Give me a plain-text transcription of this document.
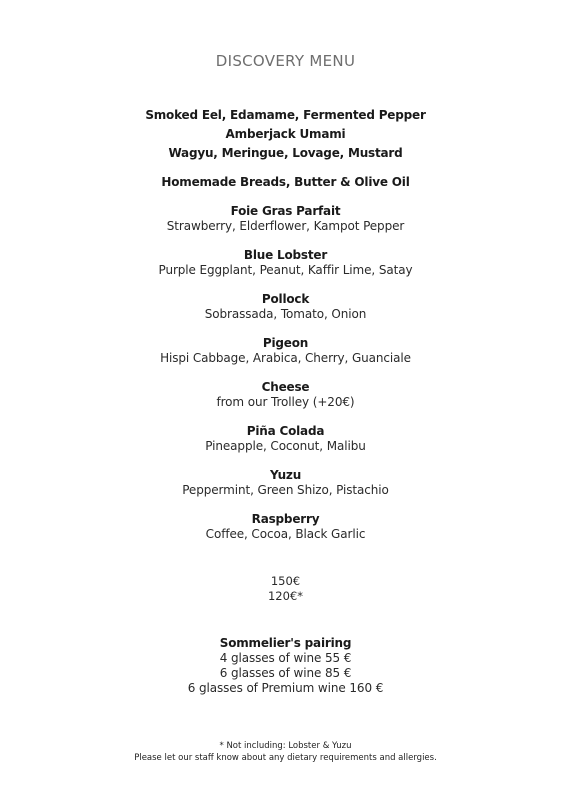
DISCOVERY MENU
Smoked Eel, Edamame, Fermented Pepper
Amberjack Umami
Wagyu, Meringue, Lovage, Mustard
Homemade Breads, Butter & Olive Oil
Foie Gras Parfait
Strawberry, Elderflower, Kampot Pepper
Blue Lobster
Purple Eggplant, Peanut, Kaffir Lime, Satay
Pollock
Sobrassada, Tomato, Onion
Pigeon
Hispi Cabbage, Arabica, Cherry, Guanciale
Cheese
from our Trolley (+20€)
Piña Colada
Pineapple, Coconut, Malibu
Yuzu
Peppermint, Green Shizo, Pistachio
Raspberry
Coffee, Cocoa, Black Garlic
150€
120€*
Sommelier's pairing
4 glasses of wine 55 €
6 glasses of wine 85 €
6 glasses of Premium wine 160 €
* Not including: Lobster & Yuzu
Please let our staff know about any dietary requirements and allergies.
